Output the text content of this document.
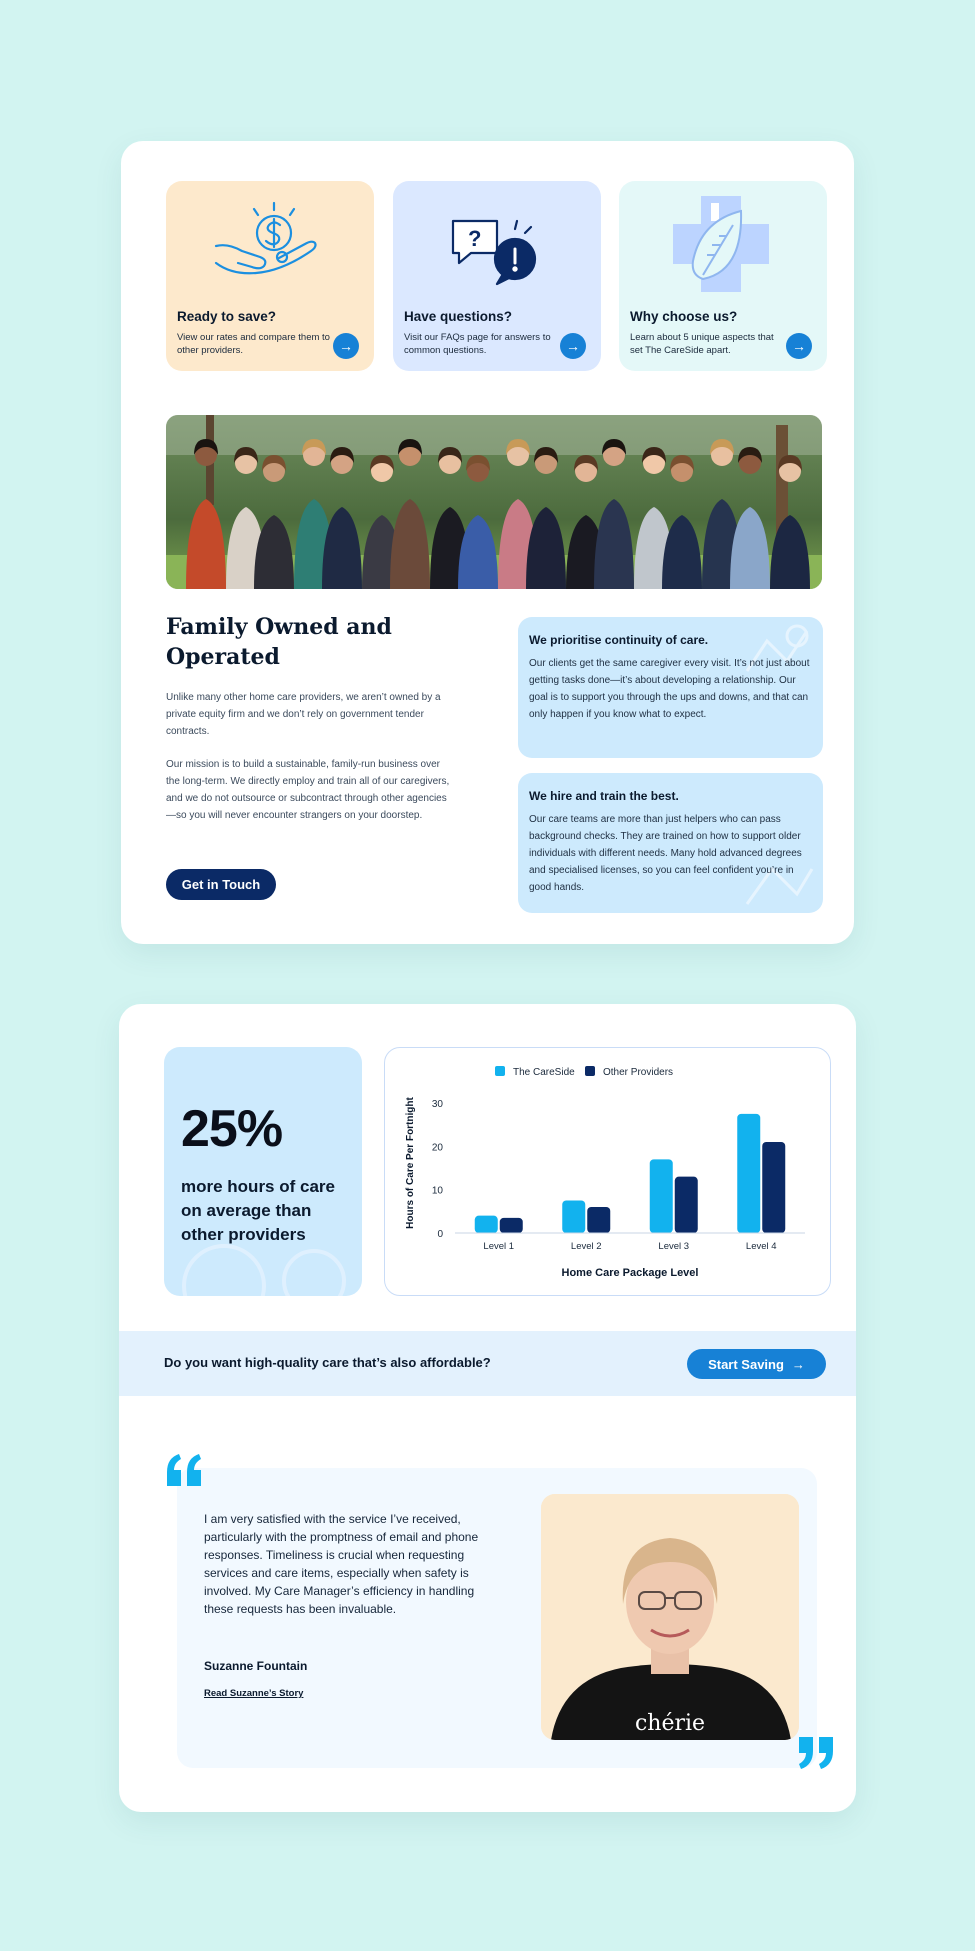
Ready to save?
View our rates and compare them to other providers.	→
?
Have questions?
Visit our FAQs page for answers to common questions.	→
Why choose us?
Learn about 5 unique aspects that set The CareSide apart.	→
Family Owned and Operated

Unlike many other home care providers, we aren’t owned by a private equity firm and we don’t rely on government tender contracts.

Our mission is to build a sustainable, family-run business over the long-term. We directly employ and train all of our caregivers, and we do not outsource or subcontract through other agencies—so you will never encounter strangers on your doorstep.

Get in Touch
We prioritise continuity of care.
Our clients get the same caregiver every visit. It’s not just about getting tasks done—it’s about developing a relationship. Our goal is to support you through the ups and downs, and that can only happen if you know what to expect.
We hire and train the best.
Our care teams are more than just helpers who can pass background checks. They are trained on how to support older individuals with different needs. Many hold advanced degrees and specialised licenses, so you can feel confident you’re in good hands.
25%
more hours of care on average than other providers
The CareSide	Other Providers
0
10
20
30
Hours of Care Per Fortnight
Level 1	Level 2	Level 3	Level 4
Home Care Package Level
Do you want high-quality care that’s also affordable?	Start Saving →

I am very satisfied with the service I’ve received, particularly with the promptness of email and phone responses. Timeliness is crucial when requesting services and care items, especially when safety is involved. My Care Manager’s efficiency in handling these requests has been invaluable.

Suzanne Fountain
Read Suzanne’s Story
chérie
